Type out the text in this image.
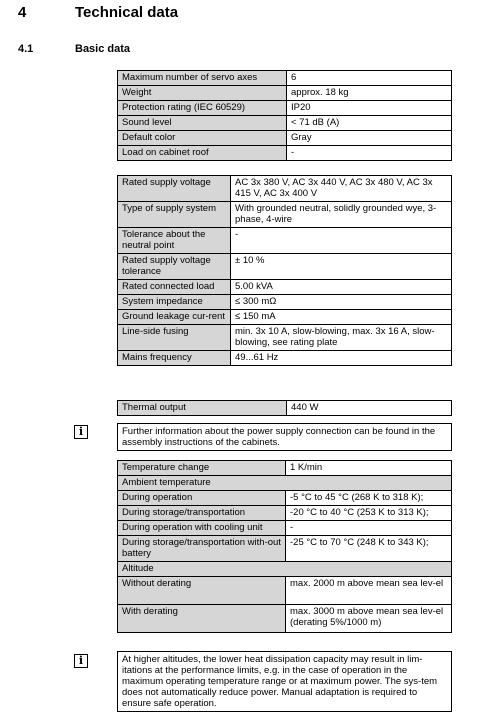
4	Technical data
4.1	Basic data
Maximum number of servo axes	6
Weight	approx. 18 kg
Protection rating (IEC 60529)	IP20
Sound level	< 71 dB (A)
Default color	Gray
Load on cabinet roof	-
Rated supply voltage	AC 3x 380 V, AC 3x 440 V, AC 3x 480 V, AC 3x 415 V, AC 3x 400 V
Type of supply system	With grounded neutral, solidly grounded wye, 3-phase, 4-wire
Tolerance about the neutral point	-
Rated supply voltage tolerance	± 10 %
Rated connected load	5.00 kVA
System impedance	≤ 300 mΩ
Ground leakage cur-rent	≤ 150 mA
Line-side fusing	min. 3x 10 A, slow-blowing, max. 3x 16 A, slow-blowing, see rating plate
Mains frequency	49...61 Hz
Thermal output	440 W
i	Further information about the power supply connection can be found in the assembly instructions of the cabinets.
Temperature change	1 K/min
Ambient temperature	
During operation	-5 °C to 45 °C (268 K to 318 K);
During storage/transportation	-20 °C to 40 °C (253 K to 313 K);
During operation with cooling unit	-
During storage/transportation with-out battery	-25 °C to 70 °C (248 K to 343 K);
Altitude	
Without derating	max. 2000 m above mean sea lev-el
With derating	max. 3000 m above mean sea lev-el (derating 5%/1000 m)
i	At higher altitudes, the lower heat dissipation capacity may result in lim-itations at the performance limits, e.g. in the case of operation in the maximum operating temperature range or at maximum power. The sys-tem does not automatically reduce power. Manual adaptation is required to ensure safe operation.
